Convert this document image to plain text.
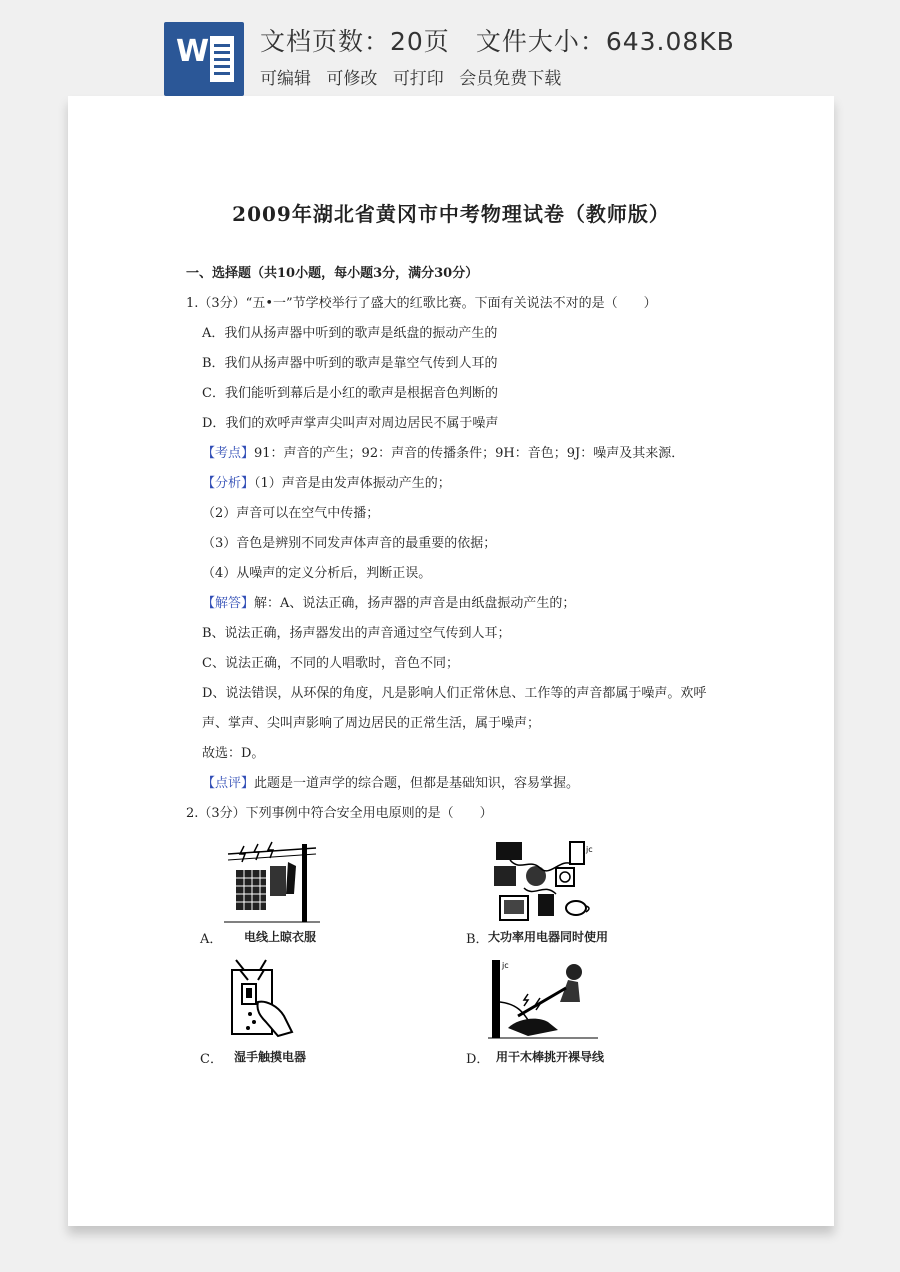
W 文档页数：20页 文件大小：643.08KB
可编辑 可修改 可打印 会员免费下载
2009年湖北省黄冈市中考物理试卷（教师版）
一、选择题（共10小题，每小题3分，满分30分）
1.（3分）“五•一”节学校举行了盛大的红歌比赛。下面有关说法不对的是（　　）
A．我们从扬声器中听到的歌声是纸盘的振动产生的
B．我们从扬声器中听到的歌声是靠空气传到人耳的
C．我们能听到幕后是小红的歌声是根据音色判断的
D．我们的欢呼声掌声尖叫声对周边居民不属于噪声
【考点】91：声音的产生；92：声音的传播条件；9H：音色；9J：噪声及其来源．
【分析】（1）声音是由发声体振动产生的；
（2）声音可以在空气中传播；
（3）音色是辨别不同发声体声音的最重要的依据；
（4）从噪声的定义分析后，判断正误。
【解答】解：A、说法正确，扬声器的声音是由纸盘振动产生的；
B、说法正确，扬声器发出的声音通过空气传到人耳；
C、说法正确，不同的人唱歌时，音色不同；
D、说法错误，从环保的角度，凡是影响人们正常休息、工作等的声音都属于噪声。欢呼
声、掌声、尖叫声影响了周边居民的正常生活，属于噪声；
故选：D。
【点评】此题是一道声学的综合题，但都是基础知识，容易掌握。
2.（3分）下列事例中符合安全用电原则的是（　　）
A． 电线上晾衣服
jc
B． 大功率用电器同时使用
C． 湿手触摸电器
jc
D． 用干木棒挑开裸导线
